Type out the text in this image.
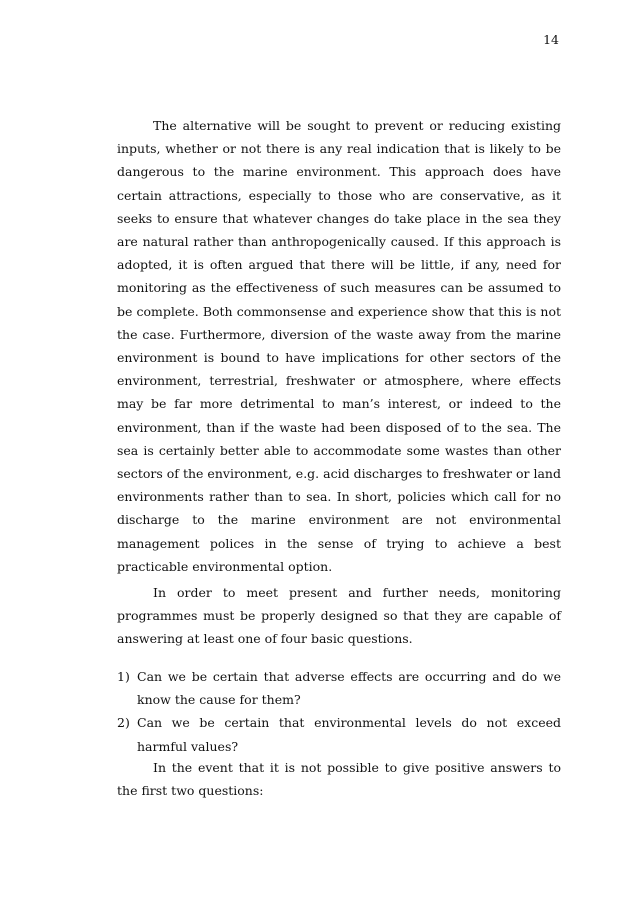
14

The alternative will be sought to prevent or reducing existing inputs, whether or not there is any real indication that is likely to be dangerous to the marine environment. This approach does have certain attractions, especially to those who are conservative, as it seeks to ensure that whatever changes do take place in the sea they are natural rather than anthropogenically caused. If this approach is adopted, it is often argued that there will be little, if any, need for monitoring as the effectiveness of such measures can be assumed to be complete. Both commonsense and experience show that this is not the case. Furthermore, diversion of the waste away from the marine environment is bound to have implications for other sectors of the environment, terrestrial, freshwater or atmosphere, where effects may be far more detrimental to man’s interest, or indeed to the environment, than if the waste had been disposed of to the sea. The sea is certainly better able to accommodate some wastes than other sectors of the environment, e.g. acid discharges to freshwater or land environments rather than to sea. In short, policies which call for no discharge to the marine environment are not environmental management polices in the sense of trying to achieve a best practicable environmental option.

In order to meet present and further needs, monitoring programmes must be properly designed so that they are capable of answering at least one of four basic questions.

1) Can we be certain that adverse effects are occurring and do we know the cause for them?
2) Can we be certain that environmental levels do not exceed harmful values?

In the event that it is not possible to give positive answers to the first two questions:
